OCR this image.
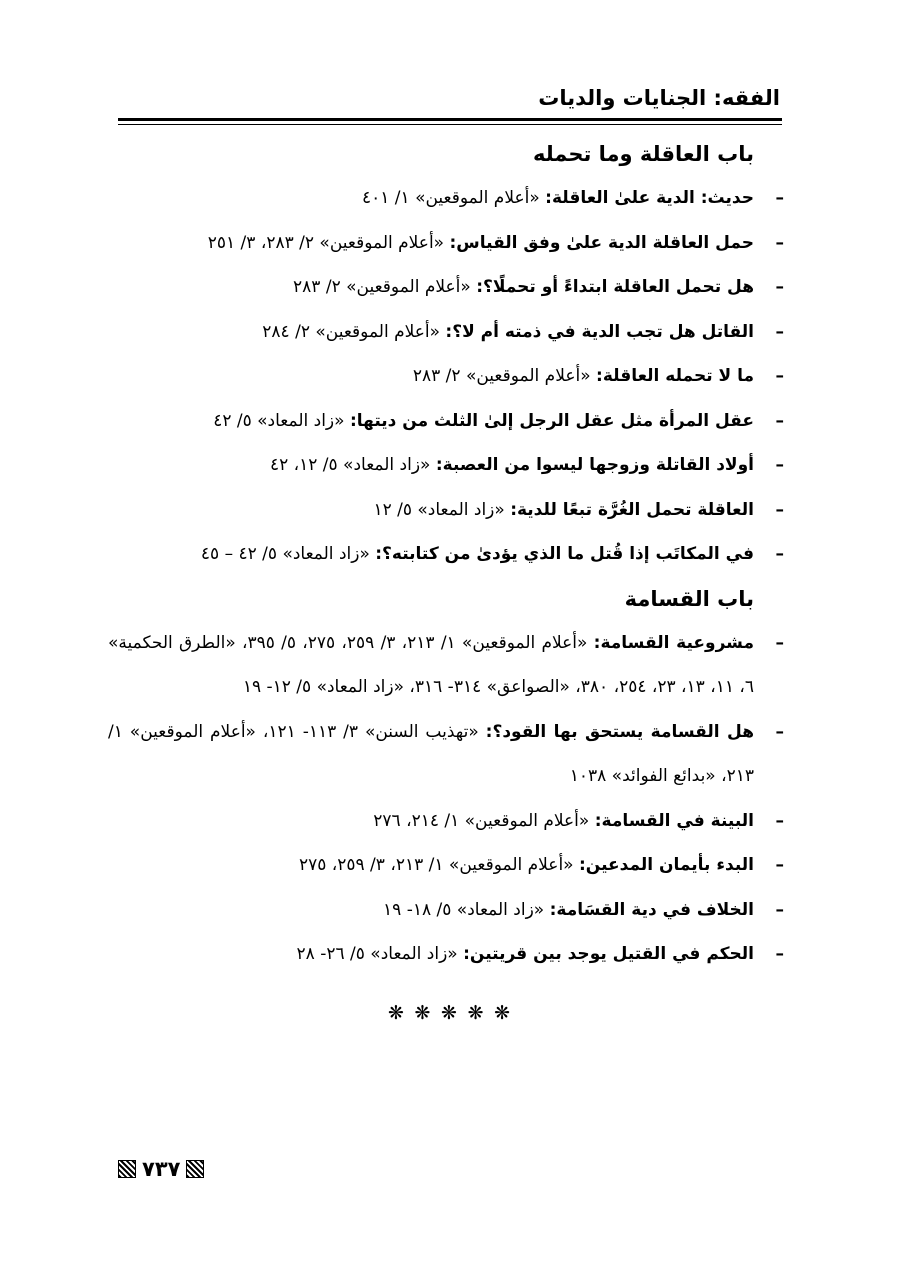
الفقه: الجنايات والديات
باب العاقلة وما تحمله
–
حديث: الدية علىٰ العاقلة: «أعلام الموقعين» ١/ ٤٠١
–
حمل العاقلة الدية علىٰ وفق القياس: «أعلام الموقعين» ٢/ ٢٨٣، ٣/ ٢٥١
–
هل تحمل العاقلة ابتداءً أو تحملًا؟: «أعلام الموقعين» ٢/ ٢٨٣
–
القاتل هل تجب الدية في ذمته أم لا؟: «أعلام الموقعين» ٢/ ٢٨٤
–
ما لا تحمله العاقلة: «أعلام الموقعين» ٢/ ٢٨٣
–
عقل المرأة مثل عقل الرجل إلىٰ الثلث من ديتها: «زاد المعاد» ٥/ ٤٢
–
أولاد القاتلة وزوجها ليسوا من العصبة: «زاد المعاد» ٥/ ١٢، ٤٢
–
العاقلة تحمل الغُرَّة تبعًا للدية: «زاد المعاد» ٥/ ١٢
–
في المكاتَب إذا قُتل ما الذي يؤدىٰ من كتابته؟: «زاد المعاد» ٥/ ٤٢ – ٤٥
باب القسامة
–
مشروعية القسامة: «أعلام الموقعين» ١/ ٢١٣، ٣/ ٢٥٩، ٢٧٥، ٥/ ٣٩٥، «الطرق الحكمية» ٦، ١١، ١٣، ٢٣، ٢٥٤، ٣٨٠، «الصواعق» ٣١٤- ٣١٦، «زاد المعاد» ٥/ ١٢- ١٩
–
هل القسامة يستحق بها القود؟: «تهذيب السنن» ٣/ ١١٣- ١٢١، «أعلام الموقعين» ١/ ٢١٣، «بدائع الفوائد» ١٠٣٨
–
البينة في القسامة: «أعلام الموقعين» ١/ ٢١٤، ٢٧٦
–
البدء بأيمان المدعين: «أعلام الموقعين» ١/ ٢١٣، ٣/ ٢٥٩، ٢٧٥
–
الخلاف في دية القسَامة: «زاد المعاد» ٥/ ١٨- ١٩
–
الحكم في القتيل يوجد بين قريتين: «زاد المعاد» ٥/ ٢٦- ٢٨
❋ ❋ ❋ ❋ ❋
٧٣٧
